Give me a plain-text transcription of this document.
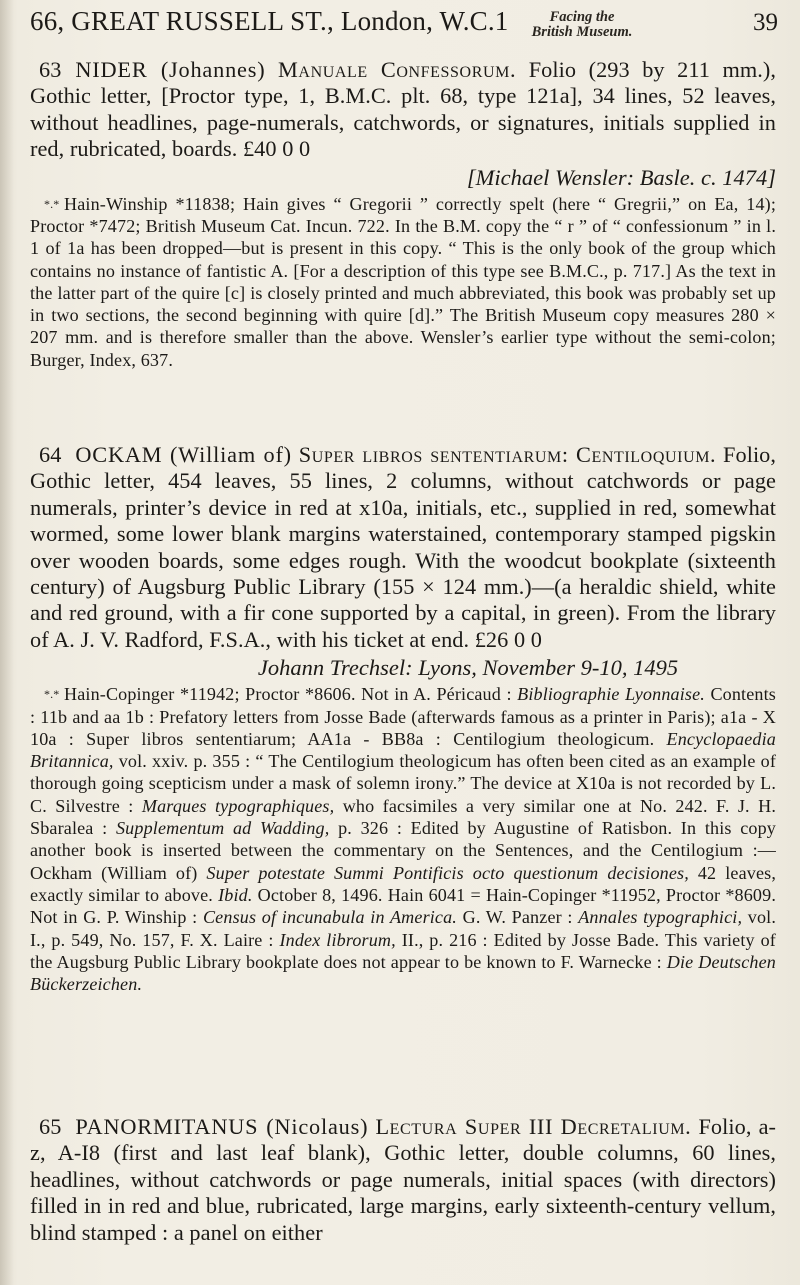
66, GREAT RUSSELL ST., London, W.C.1	Facing the
British Museum.	39

63 NIDER (Johannes) Manuale Confessorum. Folio (293 by 211 mm.), Gothic letter, [Proctor type, 1, B.M.C. plt. 68, type 121a], 34 lines, 52 leaves, without headlines, page-numerals, catchwords, or signatures, initials supplied in red, rubricated, boards. £40 0 0

[Michael Wensler: Basle. c. 1474]

*.* Hain-Winship *11838; Hain gives “ Gregorii ” correctly spelt (here “ Gregrii,” on Ea, 14); Proctor *7472; British Museum Cat. Incun. 722. In the B.M. copy the “ r ” of “ confessionum ” in l. 1 of 1a has been dropped—but is present in this copy. “ This is the only book of the group which contains no instance of fantistic A. [For a description of this type see B.M.C., p. 717.] As the text in the latter part of the quire [c] is closely printed and much abbreviated, this book was probably set up in two sections, the second beginning with quire [d].” The British Museum copy measures 280 × 207 mm. and is therefore smaller than the above. Wensler’s earlier type without the semi-colon; Burger, Index, 637.

64 OCKAM (William of) Super libros sententiarum: Centiloquium. Folio, Gothic letter, 454 leaves, 55 lines, 2 columns, without catchwords or page numerals, printer’s device in red at x10a, initials, etc., supplied in red, somewhat wormed, some lower blank margins waterstained, contemporary stamped pigskin over wooden boards, some edges rough. With the woodcut bookplate (sixteenth century) of Augsburg Public Library (155 × 124 mm.)—(a heraldic shield, white and red ground, with a fir cone supported by a capital, in green). From the library of A. J. V. Radford, F.S.A., with his ticket at end. £26 0 0

Johann Trechsel: Lyons, November 9-10, 1495

*.* Hain-Copinger *11942; Proctor *8606. Not in A. Péricaud : Bibliographie Lyonnaise. Contents : 11b and aa 1b : Prefatory letters from Josse Bade (afterwards famous as a printer in Paris); a1a - X 10a : Super libros sententiarum; AA1a - BB8a : Centilogium theologicum. Encyclopaedia Britannica, vol. xxiv. p. 355 : “ The Centilogium theologicum has often been cited as an example of thorough going scepticism under a mask of solemn irony.” The device at X10a is not recorded by L. C. Silvestre : Marques typographiques, who facsimiles a very similar one at No. 242. F. J. H. Sbaralea : Supplementum ad Wadding, p. 326 : Edited by Augustine of Ratisbon. In this copy another book is inserted between the commentary on the Sentences, and the Centilogium :— Ockham (William of) Super potestate Summi Pontificis octo questionum decisiones, 42 leaves, exactly similar to above. Ibid. October 8, 1496. Hain 6041 = Hain-Copinger *11952, Proctor *8609. Not in G. P. Winship : Census of incunabula in America. G. W. Panzer : Annales typographici, vol. I., p. 549, No. 157, F. X. Laire : Index librorum, II., p. 216 : Edited by Josse Bade. This variety of the Augsburg Public Library bookplate does not appear to be known to F. Warnecke : Die Deutschen Bückerzeichen.

65 PANORMITANUS (Nicolaus) Lectura Super III Decretalium. Folio, a-z, A-I8 (first and last leaf blank), Gothic letter, double columns, 60 lines, headlines, without catchwords or page numerals, initial spaces (with directors) filled in in red and blue, rubricated, large margins, early sixteenth-century vellum, blind stamped : a panel on either
